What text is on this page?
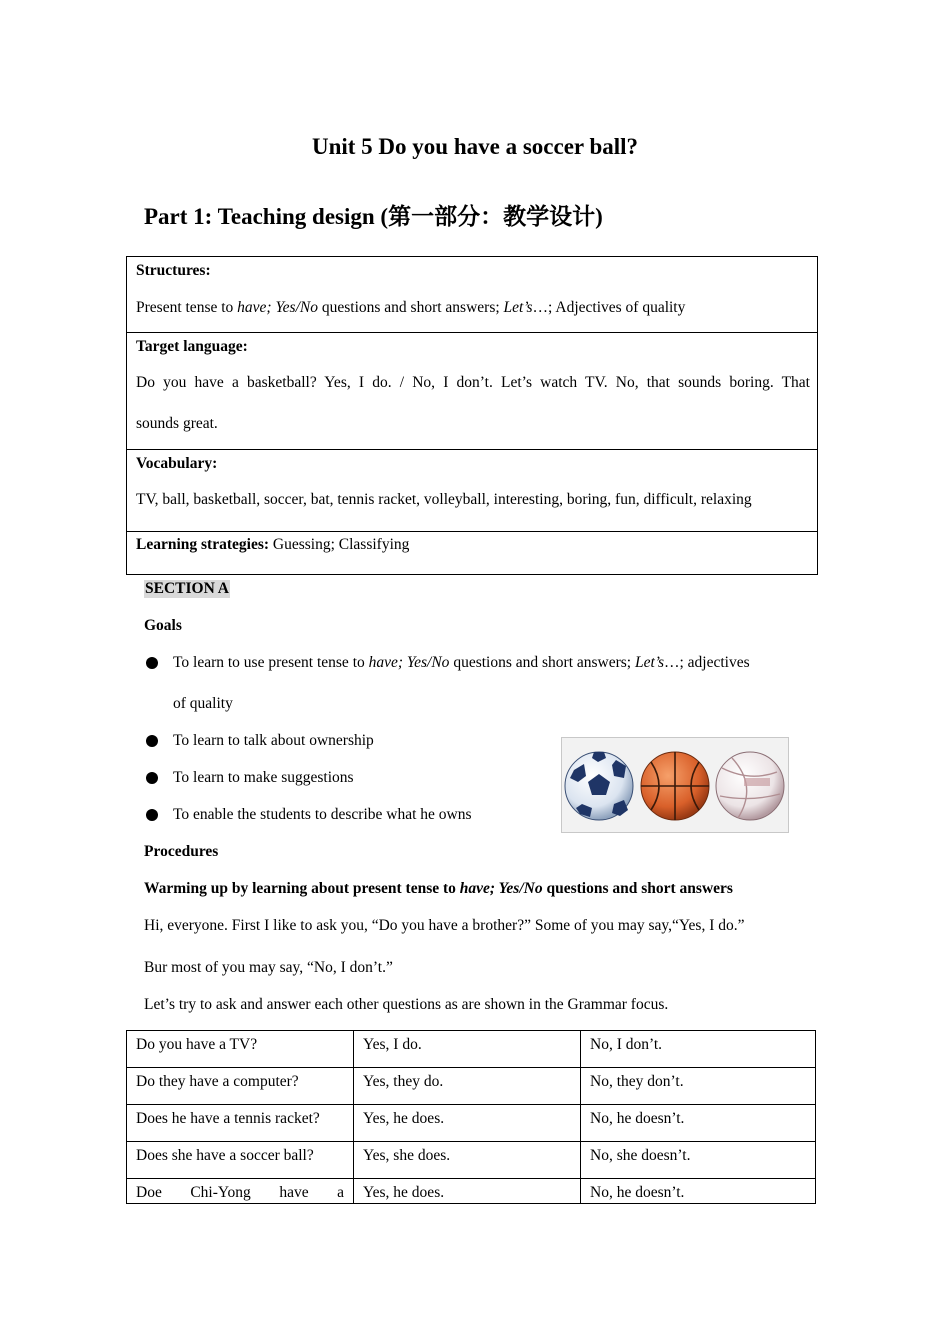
Unit 5 Do you have a soccer ball?
Part 1: Teaching design (第一部分：教学设计)
Structures:
Present tense to have; Yes/No questions and short answers; Let’s…; Adjectives of quality
Target language:
Do you have a basketball? Yes, I do. / No, I don’t. Let’s watch TV. No, that sounds boring. That
sounds great.
Vocabulary:
TV, ball, basketball, soccer, bat, tennis racket, volleyball, interesting, boring, fun, difficult, relaxing
Learning strategies: Guessing; Classifying
SECTION A
Goals
To learn to use present tense to have; Yes/No questions and short answers; Let’s…; adjectives
of quality
To learn to talk about ownership
To learn to make suggestions
To enable the students to describe what he owns
Procedures
Warming up by learning about present tense to have; Yes/No questions and short answers
Hi, everyone. First I like to ask you, “Do you have a brother?” Some of you may say,“Yes, I do.”
Bur most of you may say, “No, I don’t.”
Let’s try to ask and answer each other questions as are shown in the Grammar focus.
Do you have a TV?	Yes, I do.	No, I don’t.
Do they have a computer?	Yes, they do.	No, they don’t.
Does he have a tennis racket?	Yes, he does.	No, he doesn’t.
Does she have a soccer ball?	Yes, she does.	No, she doesn’t.

Doe Chi-Yong have a	Yes, he does.	No, he doesn’t.
